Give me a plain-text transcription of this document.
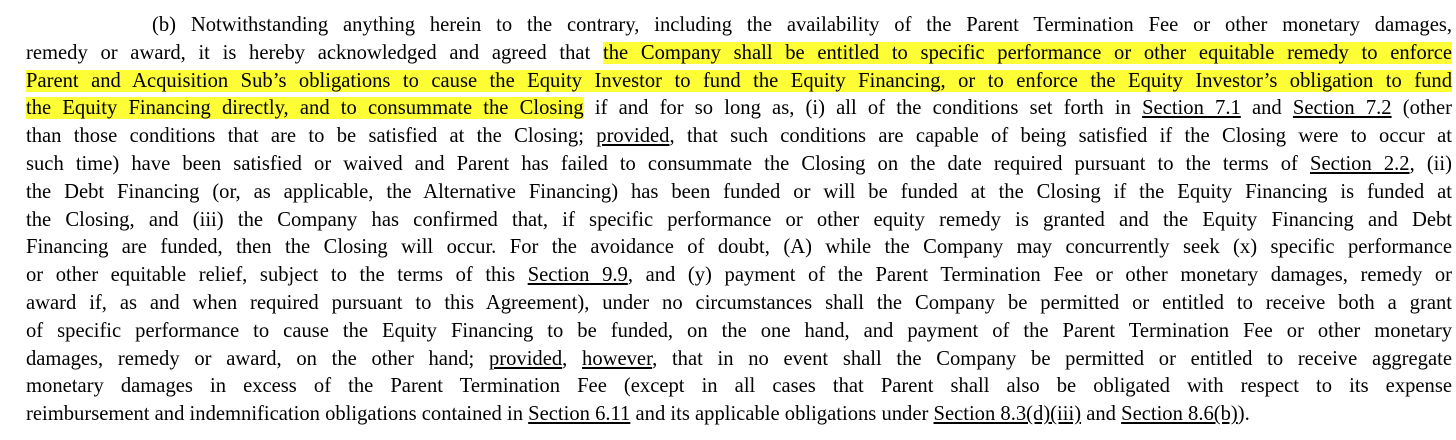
(b) Notwithstanding anything herein to the contrary, including the availability of the Parent Termination Fee or other monetary damages,
remedy or award, it is hereby acknowledged and agreed that the Company shall be entitled to specific performance or other equitable remedy to enforce
Parent and Acquisition Sub’s obligations to cause the Equity Investor to fund the Equity Financing, or to enforce the Equity Investor’s obligation to fund
the Equity Financing directly, and to consummate the Closing if and for so long as, (i) all of the conditions set forth in Section 7.1 and Section 7.2 (other
than those conditions that are to be satisfied at the Closing; provided, that such conditions are capable of being satisfied if the Closing were to occur at
such time) have been satisfied or waived and Parent has failed to consummate the Closing on the date required pursuant to the terms of Section 2.2, (ii)
the Debt Financing (or, as applicable, the Alternative Financing) has been funded or will be funded at the Closing if the Equity Financing is funded at
the Closing, and (iii) the Company has confirmed that, if specific performance or other equity remedy is granted and the Equity Financing and Debt
Financing are funded, then the Closing will occur. For the avoidance of doubt, (A) while the Company may concurrently seek (x) specific performance
or other equitable relief, subject to the terms of this Section 9.9, and (y) payment of the Parent Termination Fee or other monetary damages, remedy or
award if, as and when required pursuant to this Agreement), under no circumstances shall the Company be permitted or entitled to receive both a grant
of specific performance to cause the Equity Financing to be funded, on the one hand, and payment of the Parent Termination Fee or other monetary
damages, remedy or award, on the other hand; provided, however, that in no event shall the Company be permitted or entitled to receive aggregate
monetary damages in excess of the Parent Termination Fee (except in all cases that Parent shall also be obligated with respect to its expense
reimbursement and indemnification obligations contained in Section 6.11 and its applicable obligations under Section 8.3(d)(iii) and Section 8.6(b)).
